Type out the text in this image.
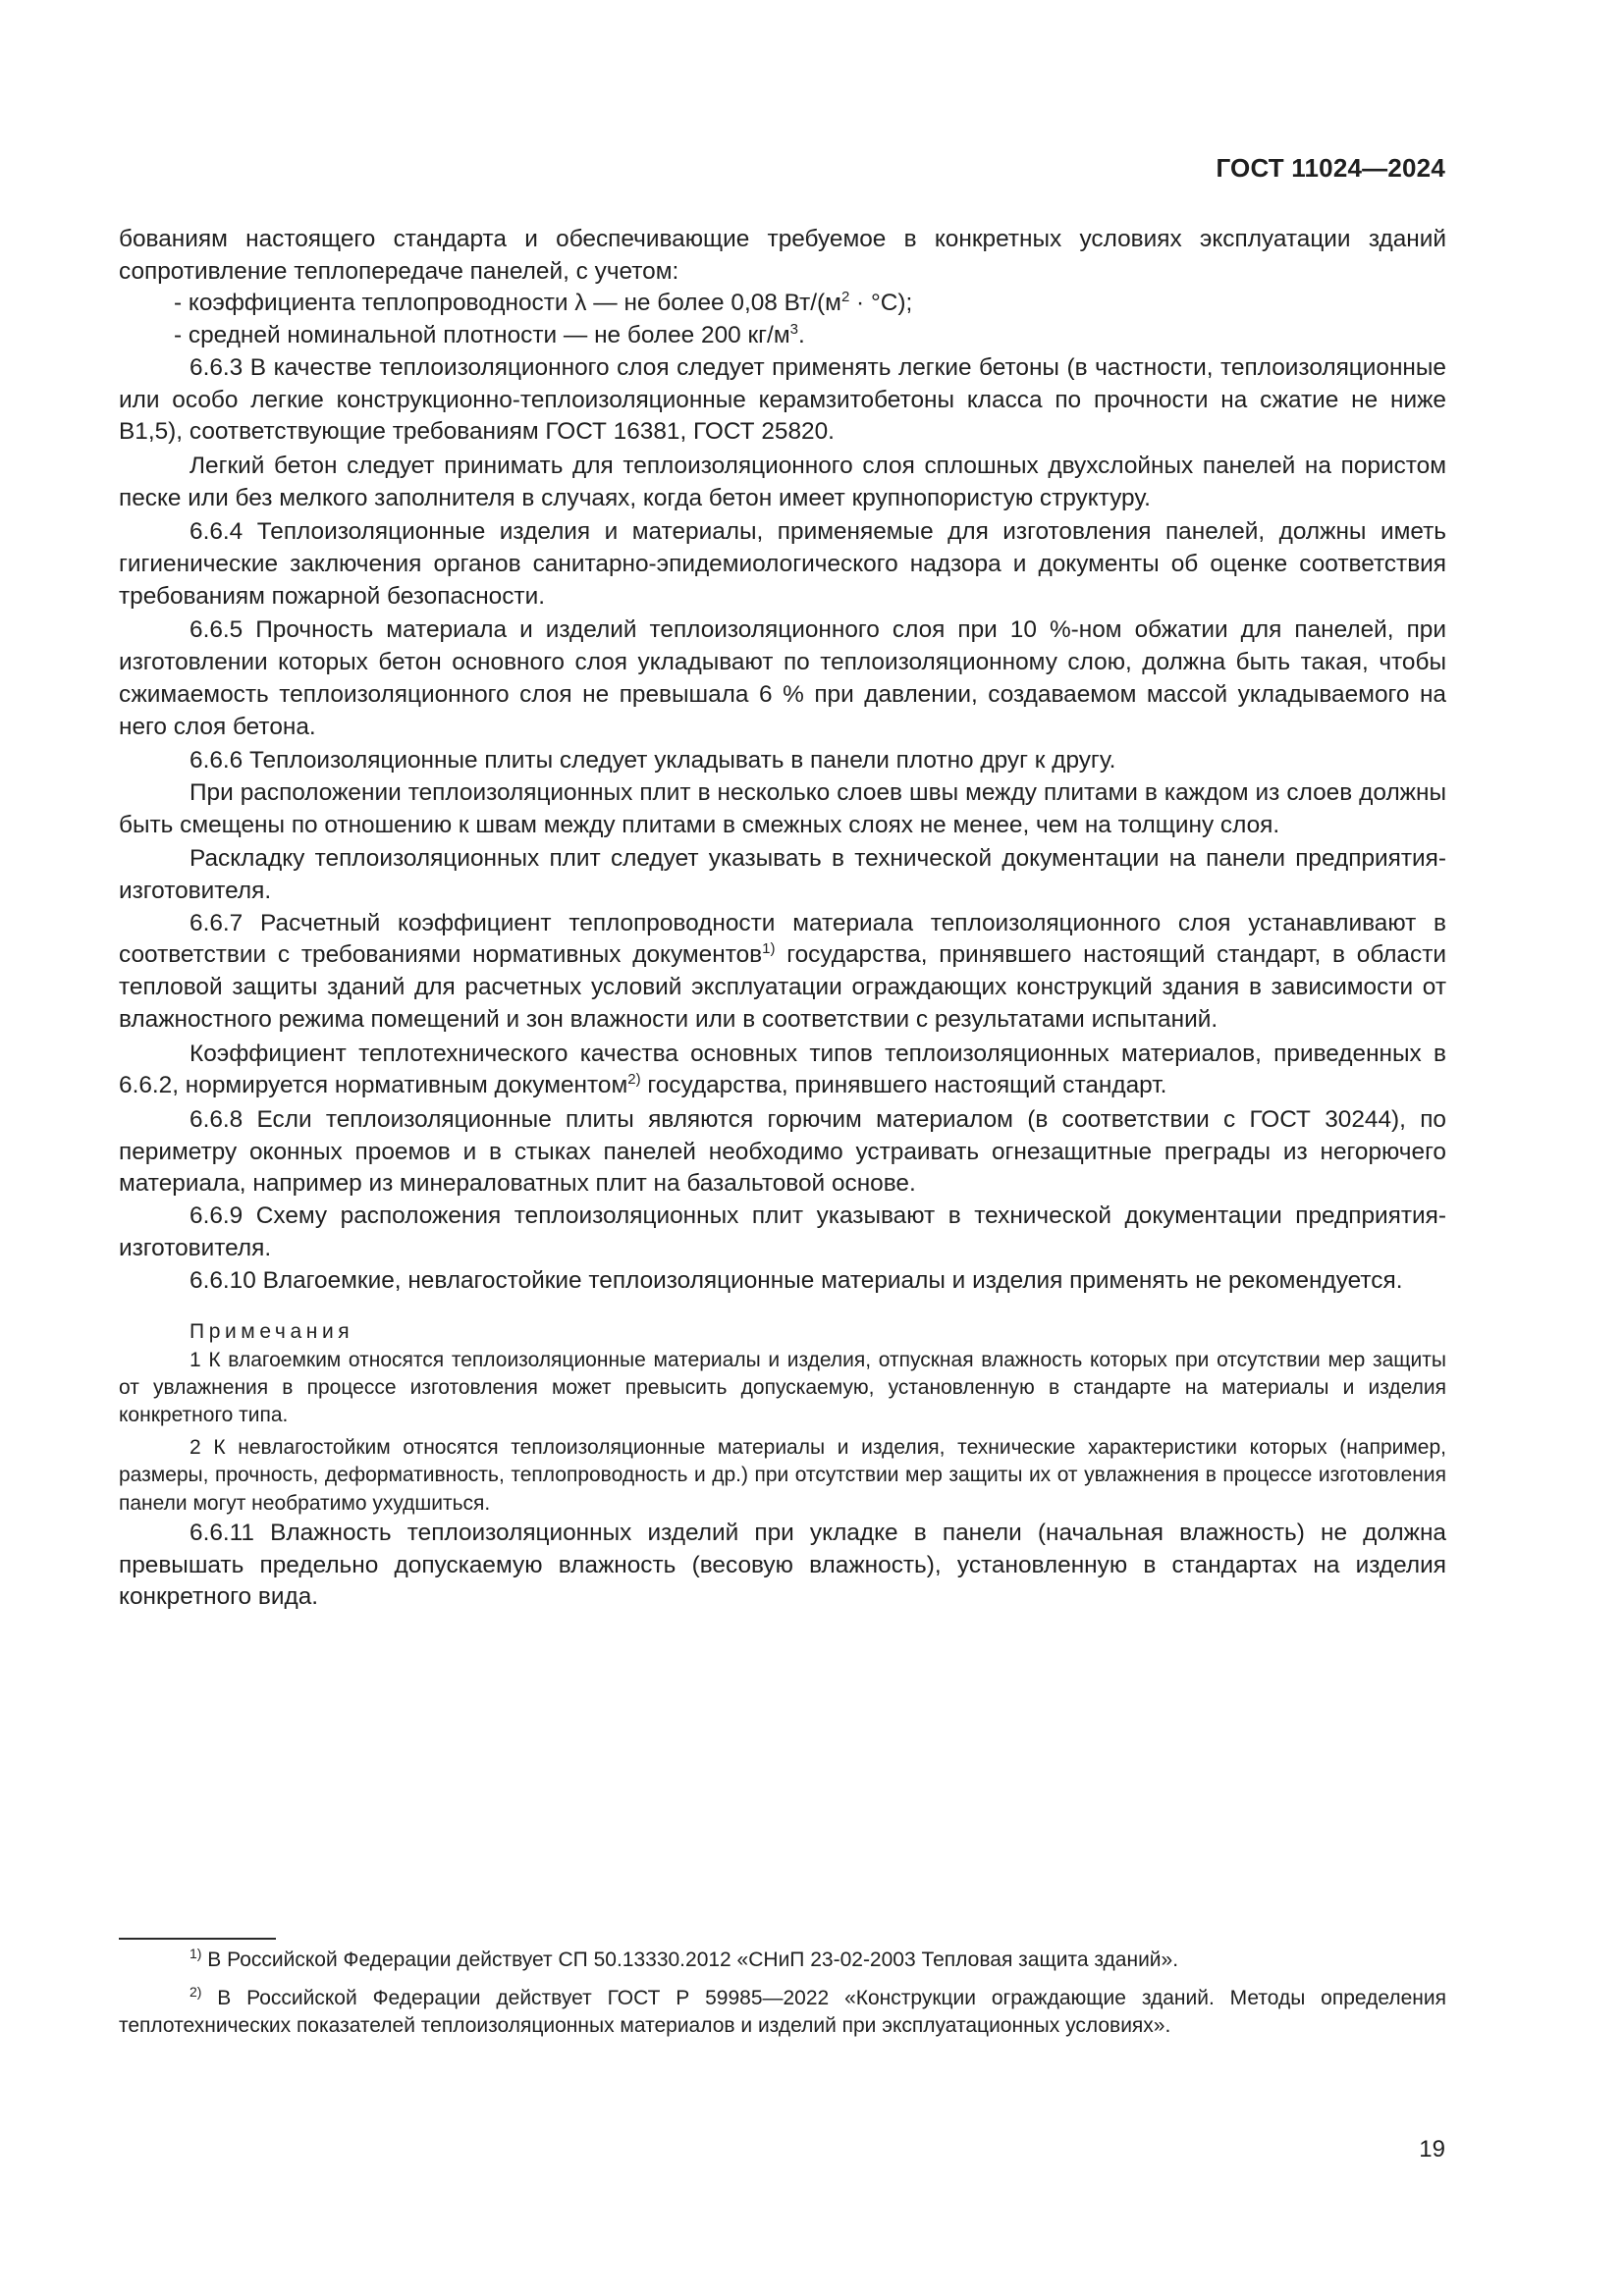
ГОСТ 11024—2024

бованиям настоящего стандарта и обеспечивающие требуемое в конкретных условиях эксплуатации зданий сопротивление теплопередаче панелей, с учетом:

- коэффициента теплопроводности λ — не более 0,08 $Вт/(м^2 \cdot ^\circ С)$;

- средней номинальной плотности — не более 200 $кг/м^3$.

6.6.3 В качестве теплоизоляционного слоя следует применять легкие бетоны (в частности, теплоизоляционные или особо легкие конструкционно-теплоизоляционные керамзитобетоны класса по прочности на сжатие не ниже В1,5), соответствующие требованиям ГОСТ 16381, ГОСТ 25820.

Легкий бетон следует принимать для теплоизоляционного слоя сплошных двухслойных панелей на пористом песке или без мелкого заполнителя в случаях, когда бетон имеет крупнопористую структуру.

6.6.4 Теплоизоляционные изделия и материалы, применяемые для изготовления панелей, должны иметь гигиенические заключения органов санитарно-эпидемиологического надзора и документы об оценке соответствия требованиям пожарной безопасности.

6.6.5 Прочность материала и изделий теплоизоляционного слоя при 10 %-ном обжатии для панелей, при изготовлении которых бетон основного слоя укладывают по теплоизоляционному слою, должна быть такая, чтобы сжимаемость теплоизоляционного слоя не превышала 6 % при давлении, создаваемом массой укладываемого на него слоя бетона.

6.6.6 Теплоизоляционные плиты следует укладывать в панели плотно друг к другу.

При расположении теплоизоляционных плит в несколько слоев швы между плитами в каждом из слоев должны быть смещены по отношению к швам между плитами в смежных слоях не менее, чем на толщину слоя.

Раскладку теплоизоляционных плит следует указывать в технической документации на панели предприятия-изготовителя.

6.6.7 Расчетный коэффициент теплопроводности материала теплоизоляционного слоя устанавливают в соответствии с требованиями нормативных документов$^{1)}$ государства, принявшего настоящий стандарт, в области тепловой защиты зданий для расчетных условий эксплуатации ограждающих конструкций здания в зависимости от влажностного режима помещений и зон влажности или в соответствии с результатами испытаний.

Коэффициент теплотехнического качества основных типов теплоизоляционных материалов, приведенных в 6.6.2, нормируется нормативным документом$^{2)}$ государства, принявшего настоящий стандарт.

6.6.8 Если теплоизоляционные плиты являются горючим материалом (в соответствии с ГОСТ 30244), по периметру оконных проемов и в стыках панелей необходимо устраивать огнезащитные преграды из негорючего материала, например из минераловатных плит на базальтовой основе.

6.6.9 Схему расположения теплоизоляционных плит указывают в технической документации предприятия-изготовителя.

6.6.10 Влагоемкие, невлагостойкие теплоизоляционные материалы и изделия применять не рекомендуется.

Примечания

1 К влагоемким относятся теплоизоляционные материалы и изделия, отпускная влажность которых при отсутствии мер защиты от увлажнения в процессе изготовления может превысить допускаемую, установленную в стандарте на материалы и изделия конкретного типа.

2 К невлагостойким относятся теплоизоляционные материалы и изделия, технические характеристики которых (например, размеры, прочность, деформативность, теплопроводность и др.) при отсутствии мер защиты их от увлажнения в процессе изготовления панели могут необратимо ухудшиться.

6.6.11 Влажность теплоизоляционных изделий при укладке в панели (начальная влажность) не должна превышать предельно допускаемую влажность (весовую влажность), установленную в стандартах на изделия конкретного вида.

$^{1)}$ В Российской Федерации действует СП 50.13330.2012 «СНиП 23-02-2003 Тепловая защита зданий».

$^{2)}$ В Российской Федерации действует ГОСТ Р 59985—2022 «Конструкции ограждающие зданий. Методы определения теплотехнических показателей теплоизоляционных материалов и изделий при эксплуатационных условиях».

19
